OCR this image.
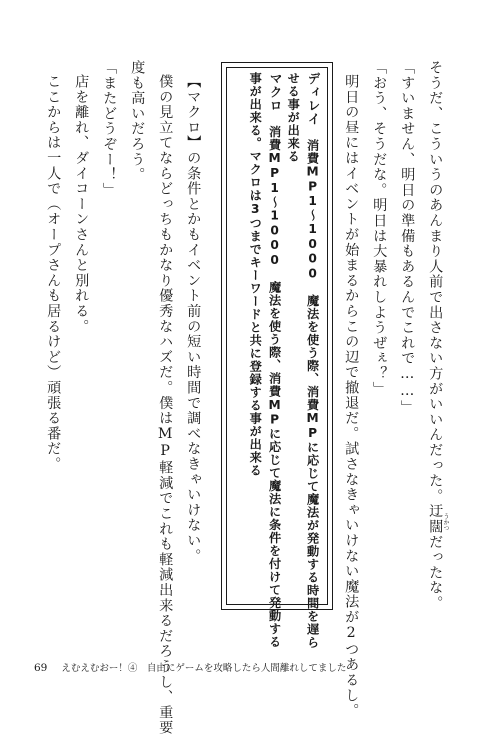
そうだ、こういうのあんまり人前で出さない方がいいんだった。迂闊だったな。
うかつ
「すいません、明日の準備もあるんでこれで……」
「おう、そうだな。明日は大暴れしようぜぇ？」
明日の昼にはイベントが始まるからこの辺で撤退だ。試さなきゃいけない魔法が2つあるし。
ディレイ　消費MP1～1000　魔法を使う際、消費MPに応じて魔法が発動する時間を遅ら
せる事が出来る
マクロ　消費MP1～1000　魔法を使う際、消費MPに応じて魔法に条件を付けて発動する
事が出来る。マクロは3つまでキーワードと共に登録する事が出来る
【マクロ】の条件とかもイベント前の短い時間で調べなきゃいけない。
僕の見立てならどっちもかなり優秀なハズだ。僕はMP軽減でこれも軽減出来るだろうし、重要
度も高いだろう。
「またどうぞー！」
店を離れ、ダイコーンさんと別れる。
ここからは一人で（オープさんも居るけど）頑張る番だ。
69 えむえむおー！④　自由にゲームを攻略したら人間離れしてました
